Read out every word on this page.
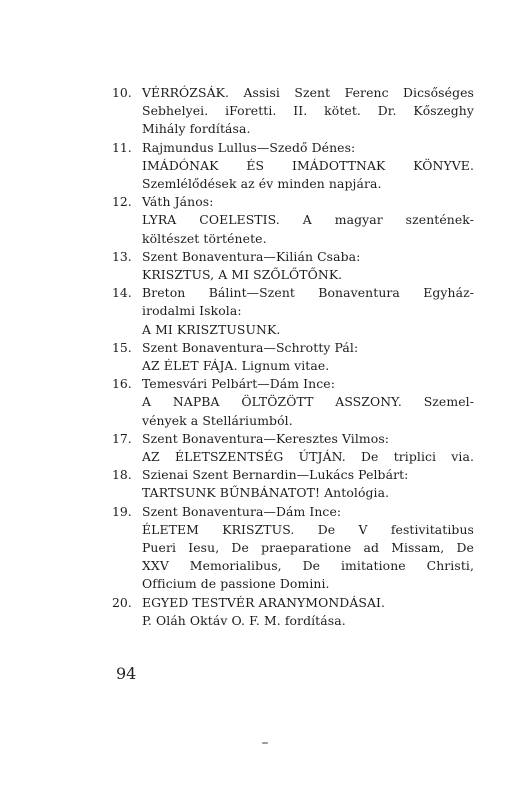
10. VÉRRÓZSÁK. Assisi Szent Ferenc Dicsőséges
Sebhelyei. iForetti. II. kötet. Dr. Kőszeghy
Mihály fordítása.
11. Rajmundus Lullus—Szedő Dénes:
IMÁDÓNAK ÉS IMÁDOTTNAK KÖNYVE.
Szemlélődések az év minden napjára.
12. Váth János:
LYRA COELESTIS. A magyar szentének-
költészet története.
13. Szent Bonaventura—Kilián Csaba:
KRISZTUS, A MI SZŐLŐTŐNK.
14. Breton Bálint—Szent Bonaventura Egyház-
irodalmi Iskola:
A MI KRISZTUSUNK.
15. Szent Bonaventura—Schrotty Pál:
AZ ÉLET FÁJA. Lignum vitae.
16. Temesvári Pelbárt—Dám Ince:
A NAPBA ÖLTÖZÖTT ASSZONY. Szemel-
vények a Stelláriumból.
17. Szent Bonaventura—Keresztes Vilmos:
AZ ÉLETSZENTSÉG ÚTJÁN. De triplici via.
18. Szienai Szent Bernardin—Lukács Pelbárt:
TARTSUNK BŰNBÁNATOT! Antológia.
19. Szent Bonaventura—Dám Ince:
ÉLETEM KRISZTUS. De V festivitatibus
Pueri Iesu, De praeparatione ad Missam, De
XXV Memorialibus, De imitatione Christi,
Officium de passione Domini.
20. EGYED TESTVÉR ARANYMONDÁSAI.
P. Oláh Oktáv O. F. M. fordítása.
94
